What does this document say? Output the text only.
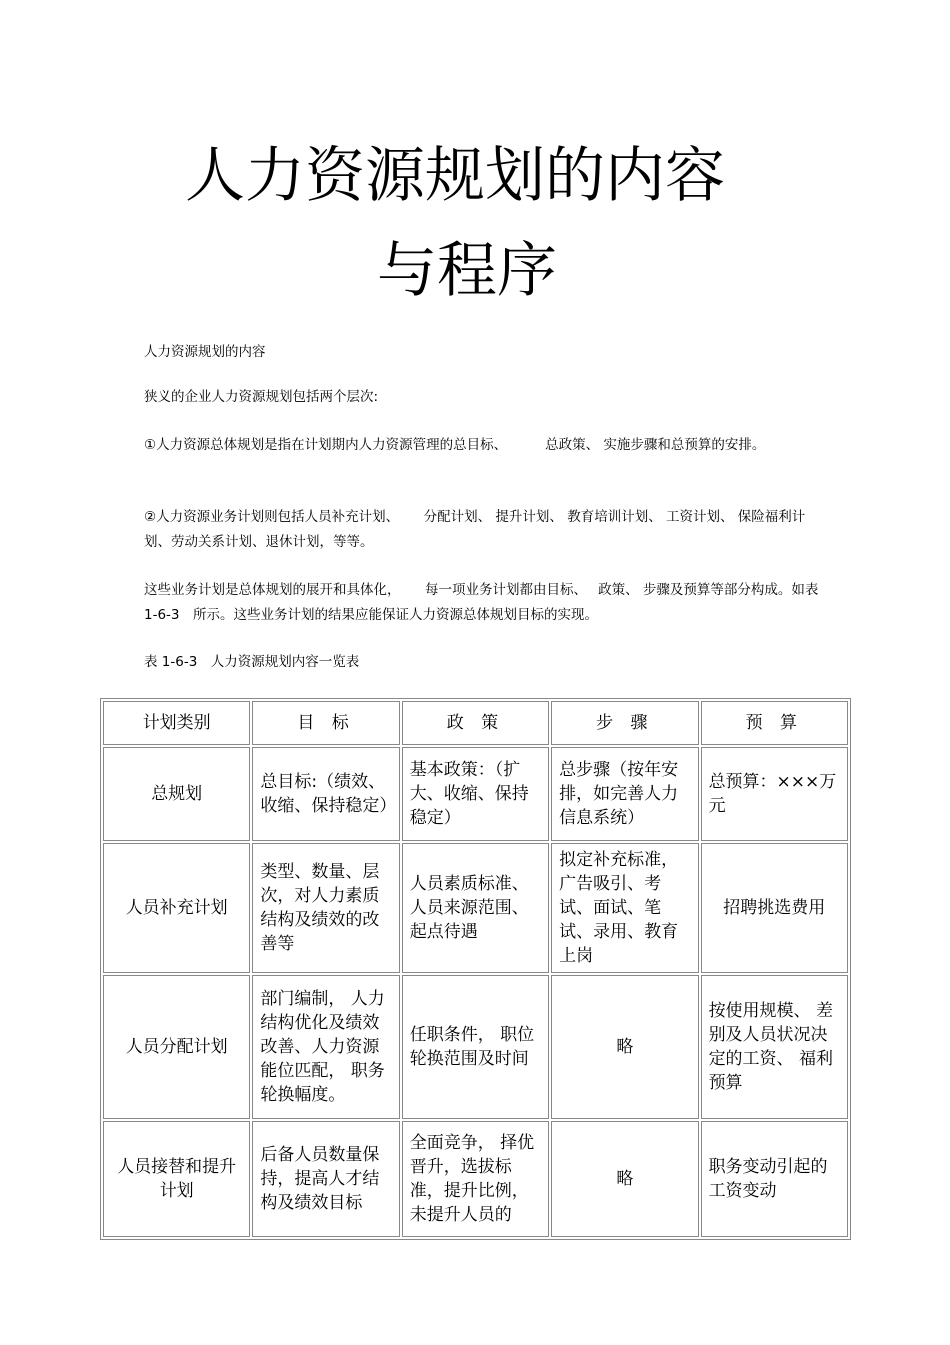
人力资源规划的内容
与程序

人力资源规划的内容

狭义的企业人力资源规划包括两个层次:

①人力资源总体规划是指在计划期内人力资源管理的总目标、　　　 总政策、 实施步骤和总预算的安排。

②人力资源业务计划则包括人员补充计划、　　 分配计划、 提升计划、 教育培训计划、 工资计划、 保险福利计划、劳动关系计划、退休计划，等等。

这些业务计划是总体规划的展开和具体化，　　 每一项业务计划都由目标、　 政策、 步骤及预算等部分构成。如表　1-6-3　所示。这些业务计划的结果应能保证人力资源总体规划目标的实现。

表 1-6-3　人力资源规划内容一览表

计划类别	目 标	政 策	步 骤	预 算
总规划	总目标:（绩效、收缩、保持稳定）	基本政策：（扩大、收缩、保持稳定）	总步骤（按年安排，如完善人力信息系统）	总预算：×××万元
人员补充计划	类型、数量、层次，对人力素质结构及绩效的改善等	人员素质标准、人员来源范围、起点待遇	拟定补充标准，广告吸引、考试、面试、笔试、录用、教育上岗	招聘挑选费用
人员分配计划	部门编制， 人力结构优化及绩效改善、人力资源能位匹配， 职务轮换幅度。	任职条件， 职位轮换范围及时间	略	按使用规模、 差别及人员状况决定的工资、 福利预算
人员接替和提升计划	后备人员数量保持，提高人才结构及绩效目标	全面竞争， 择优晋升，选拔标准，提升比例，未提升人员的	略	职务变动引起的工资变动
